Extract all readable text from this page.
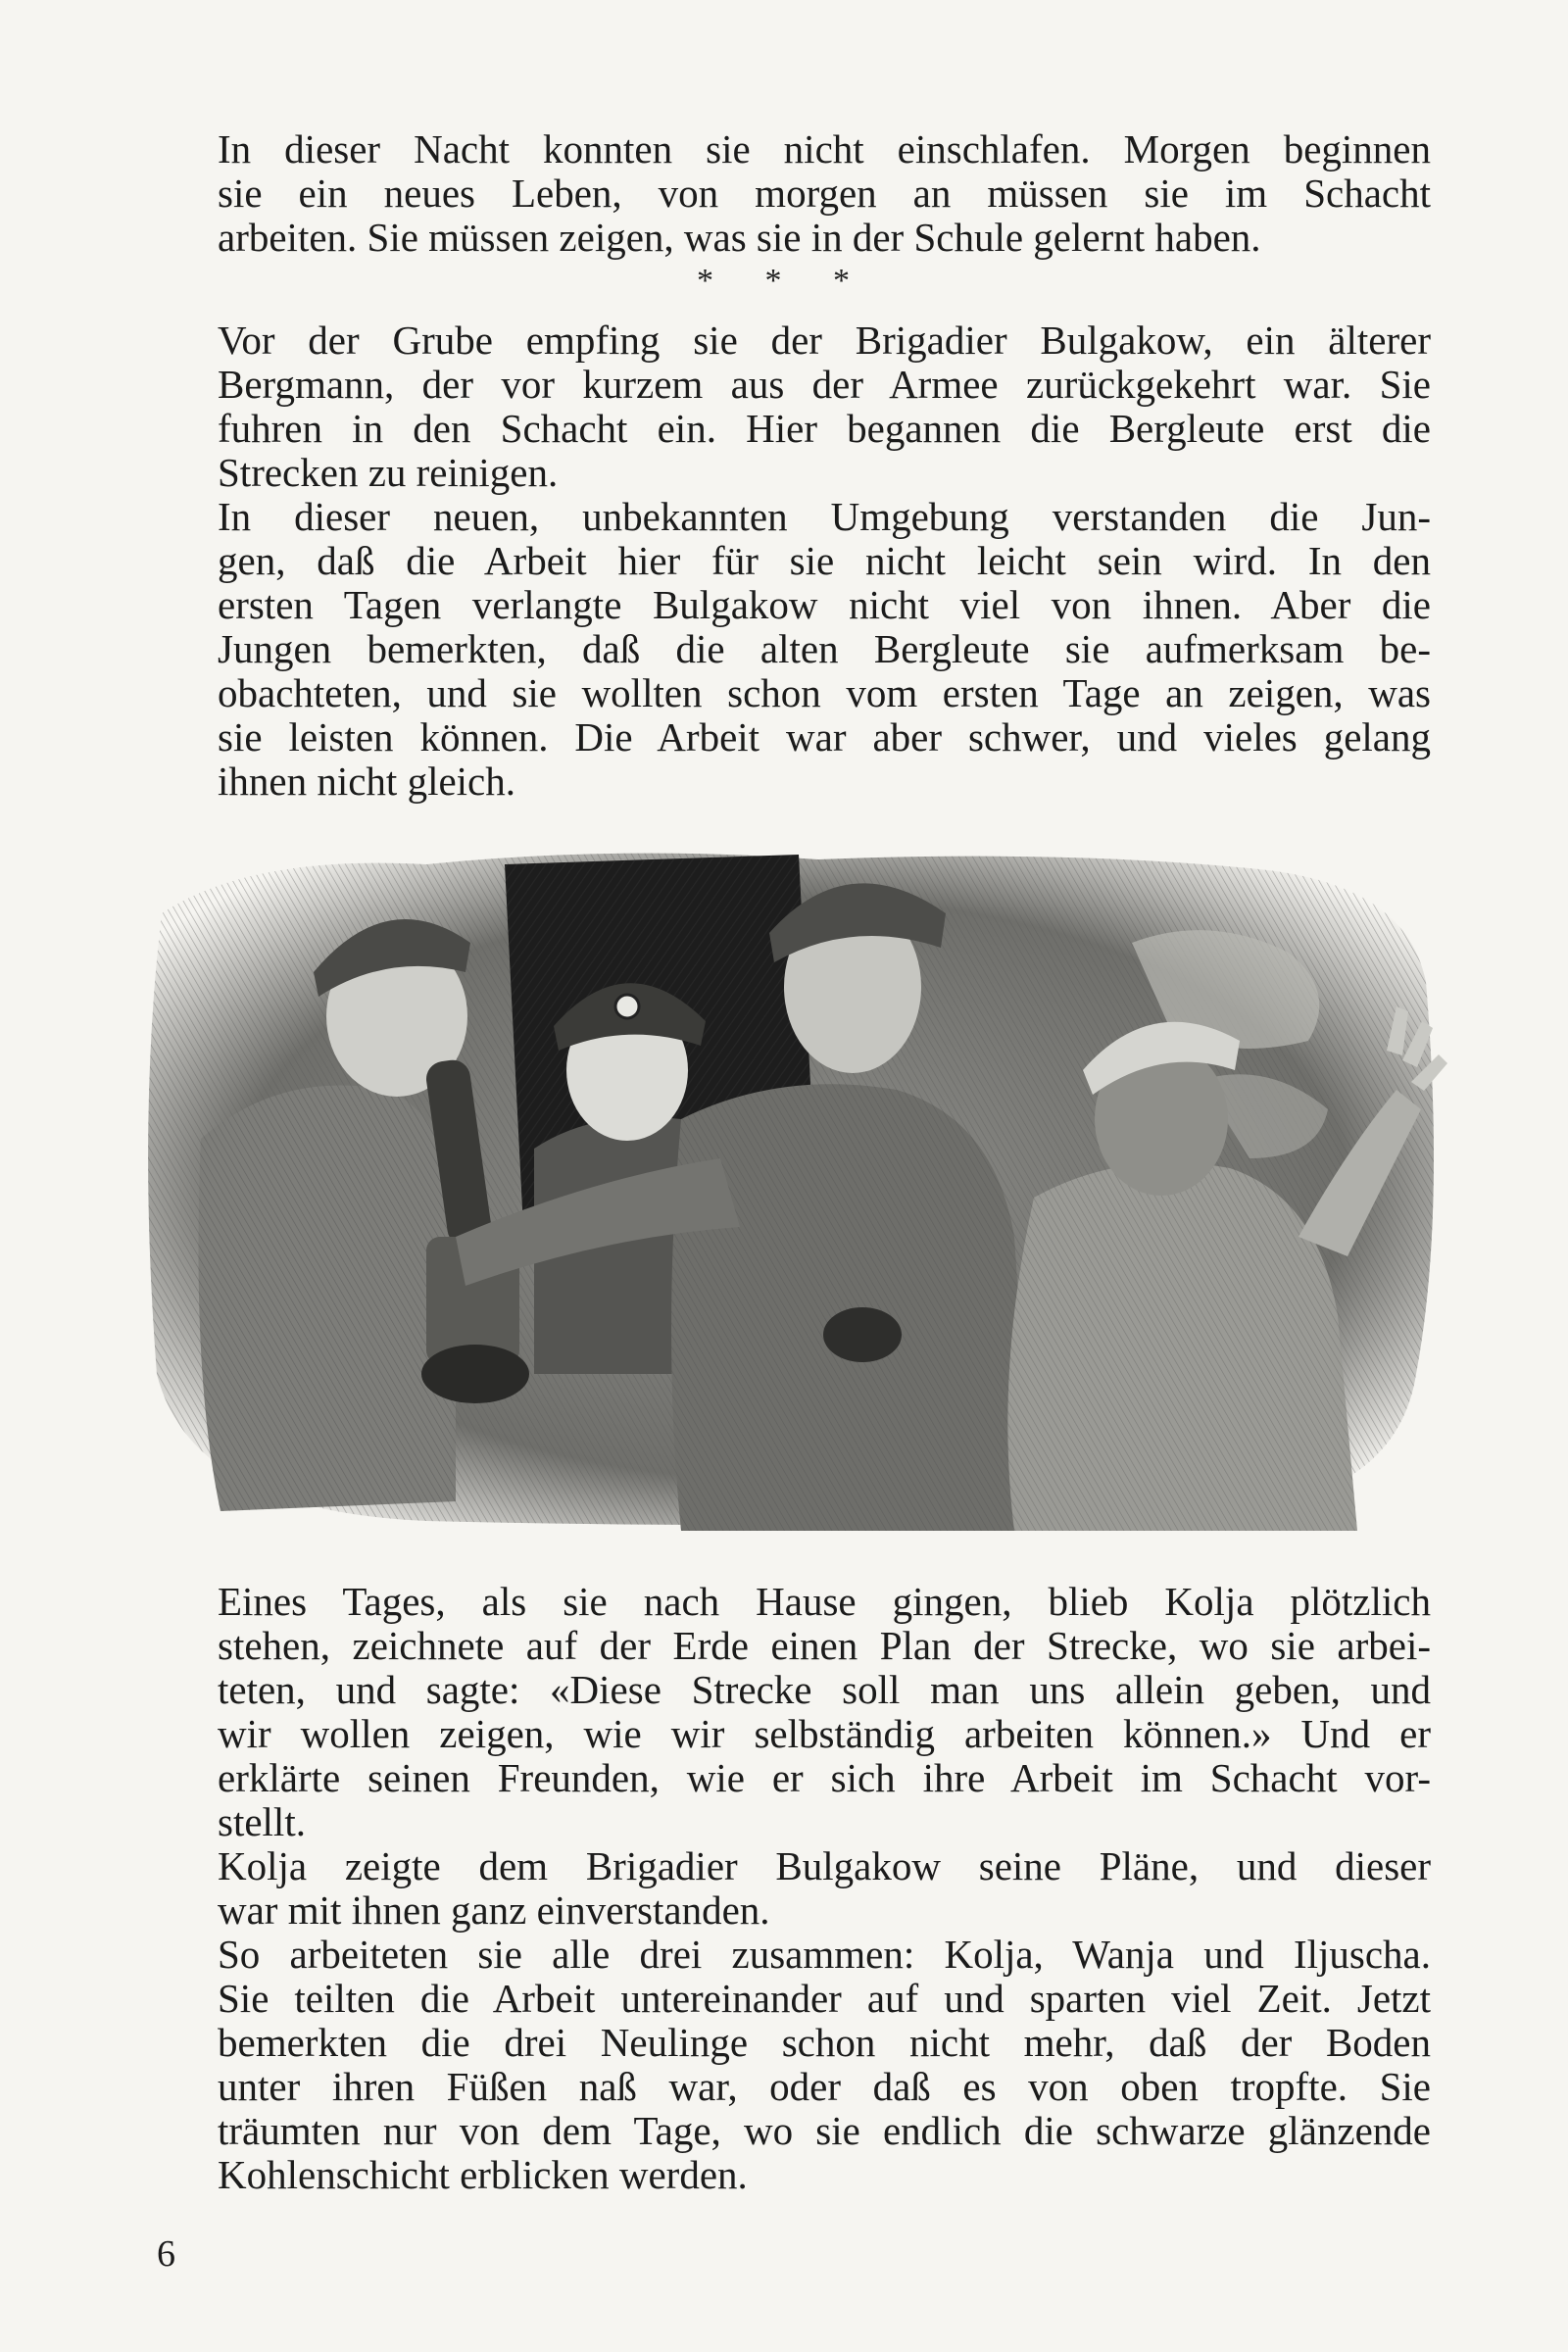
In dieser Nacht konnten sie nicht einschlafen. Morgen beginnen
sie ein neues Leben, von morgen an müssen sie im Schacht
arbeiten. Sie müssen zeigen, was sie in der Schule gelernt haben.

* * *

Vor der Grube empfing sie der Brigadier Bulgakow, ein älterer
Bergmann, der vor kurzem aus der Armee zurückgekehrt war. Sie
fuhren in den Schacht ein. Hier begannen die Bergleute erst die
Strecken zu reinigen.

In dieser neuen, unbekannten Umgebung verstanden die Jun-
gen, daß die Arbeit hier für sie nicht leicht sein wird. In den
ersten Tagen verlangte Bulgakow nicht viel von ihnen. Aber die
Jungen bemerkten, daß die alten Bergleute sie aufmerksam be-
obachteten, und sie wollten schon vom ersten Tage an zeigen, was
sie leisten können. Die Arbeit war aber schwer, und vieles gelang
ihnen nicht gleich.

Eines Tages, als sie nach Hause gingen, blieb Kolja plötzlich
stehen, zeichnete auf der Erde einen Plan der Strecke, wo sie arbei-
teten, und sagte: «Diese Strecke soll man uns allein geben, und
wir wollen zeigen, wie wir selbständig arbeiten können.» Und er
erklärte seinen Freunden, wie er sich ihre Arbeit im Schacht vor-
stellt.

Kolja zeigte dem Brigadier Bulgakow seine Pläne, und dieser
war mit ihnen ganz einverstanden.

So arbeiteten sie alle drei zusammen: Kolja, Wanja und Iljuscha.
Sie teilten die Arbeit untereinander auf und sparten viel Zeit. Jetzt
bemerkten die drei Neulinge schon nicht mehr, daß der Boden
unter ihren Füßen naß war, oder daß es von oben tropfte. Sie
träumten nur von dem Tage, wo sie endlich die schwarze glänzende
Kohlenschicht erblicken werden.

6
